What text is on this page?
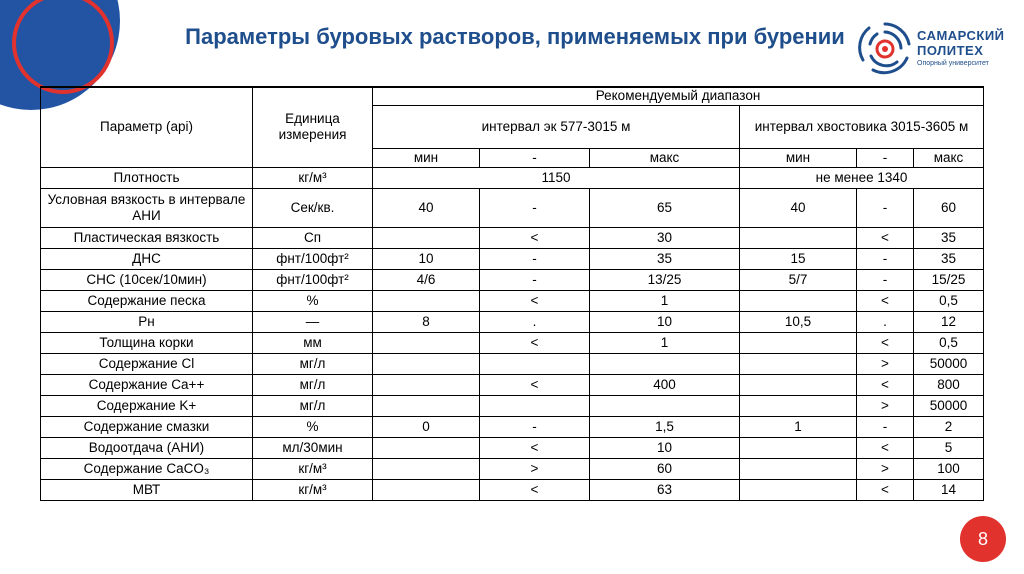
Параметры буровых растворов, применяемых при бурении	САМАРСКИЙ
ПОЛИТЕХ
Опорный университет
Параметр (api)	Единица измерения	Рекомендуемый диапазон					
		интервал эк 577-3015 м			интервал хвостовика 3015-3605 м		
		мин	-	макс	мин	-	макс
Плотность	кг/м³	1150			не менее 1340		
Условная вязкость в интервале АНИ	Сек/кв.	40	-	65	40	-	60
Пластическая вязкость	Сп		<	30		<	35
ДНС	фнт/100фт²	10	-	35	15	-	35
СНС (10сек/10мин)	фнт/100фт²	4/6	-	13/25	5/7	-	15/25
Содержание песка	%		<	1		<	0,5
Рн	—	8	.	10	10,5	.	12
Толщина корки	мм		<	1		<	0,5
Содержание Cl	мг/л					>	50000
Содержание Ca++	мг/л		<	400		<	800
Содержание K+	мг/л					>	50000
Содержание смазки	%	0	-	1,5	1	-	2
Водоотдача (АНИ)	мл/30мин		<	10		<	5
Содержание CaCO₃	кг/м³		>	60		>	100
МВТ	кг/м³		<	63		<	14
8
